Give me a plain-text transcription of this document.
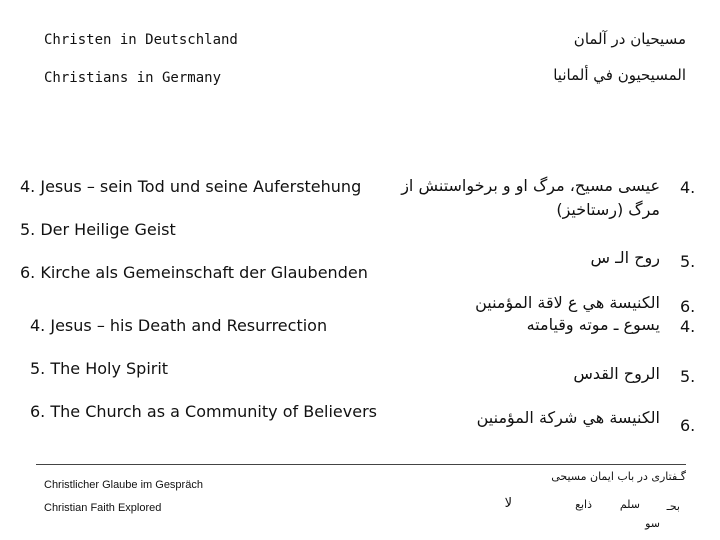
Christen in Deutschland
Christians in Germany
مسیحیان در آلمان
المسيحيون في ألمانيا
4. Jesus – sein Tod und seine Auferstehung
5. Der Heilige Geist
6. Kirche als Gemeinschaft der Glaubenden
4. Jesus – his Death and Resurrection
5. The Holy Spirit
6. The Church as a Community of Believers
4.
عیسی مسیح، مرگ او و برخواستنش از
مرگ (رستاخیز)
5.
روح الـ س
6.
الكنيسة هي ع لاقة المؤمنين
4.
يسوع ـ موته وقيامته
5.
الروح القدس
6.
الكنيسة هي شركة المؤمنين
Christlicher Glaube im Gespräch
Christian Faith Explored
گـفتاری در باب ایمان مسیحی
بحـ
سلم
ذابع
لا
سو
